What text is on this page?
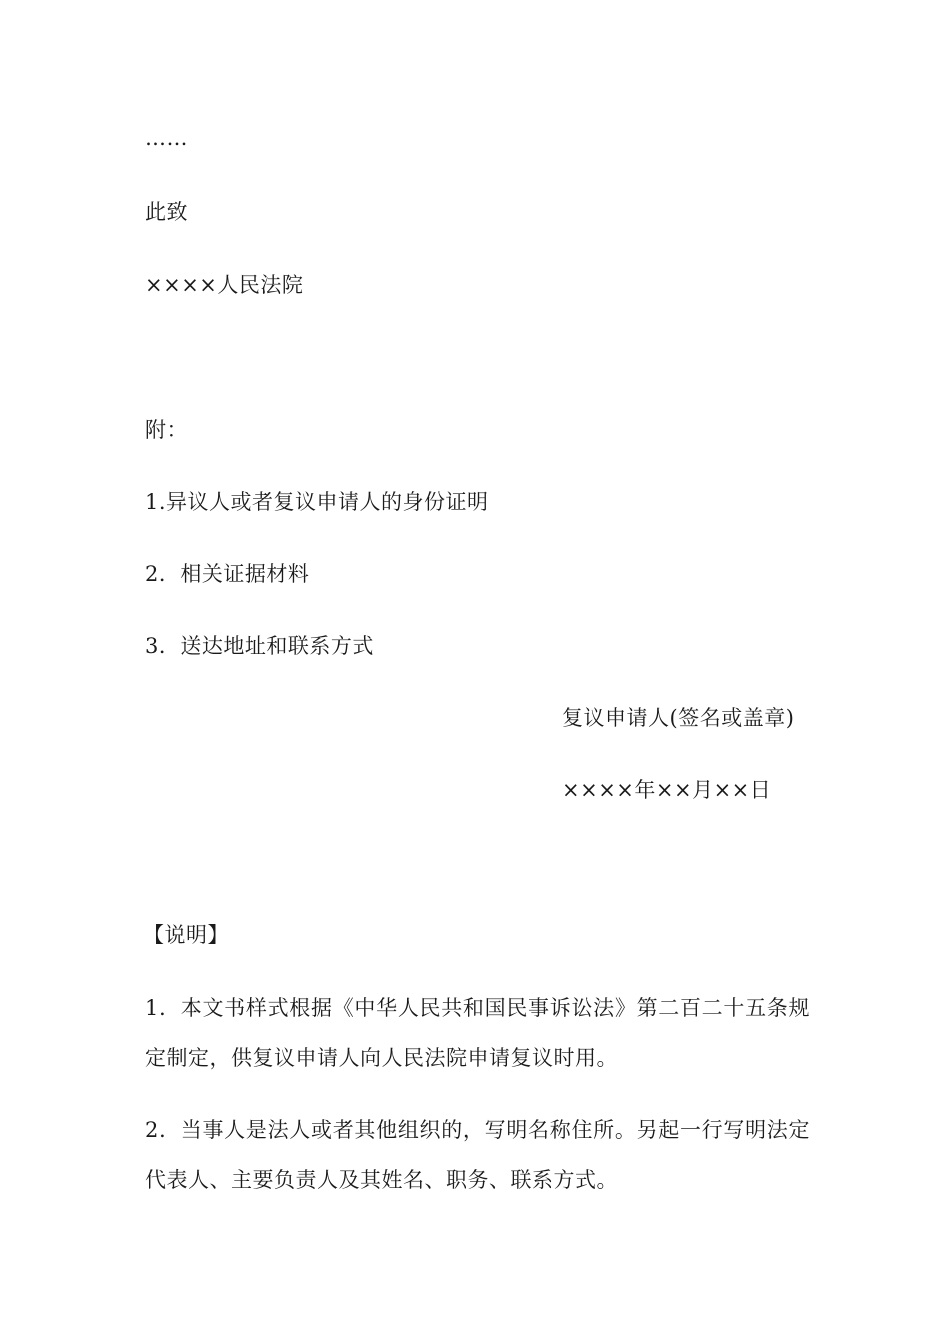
……
此致
××××人民法院
附：
1.异议人或者复议申请人的身份证明
2．相关证据材料
3．送达地址和联系方式
复议申请人(签名或盖章)
××××年××月××日
【说明】
1．本文书样式根据《中华人民共和国民事诉讼法》第二百二十五条规定制定，供复议申请人向人民法院申请复议时用。
2．当事人是法人或者其他组织的，写明名称住所。另起一行写明法定代表人、主要负责人及其姓名、职务、联系方式。
